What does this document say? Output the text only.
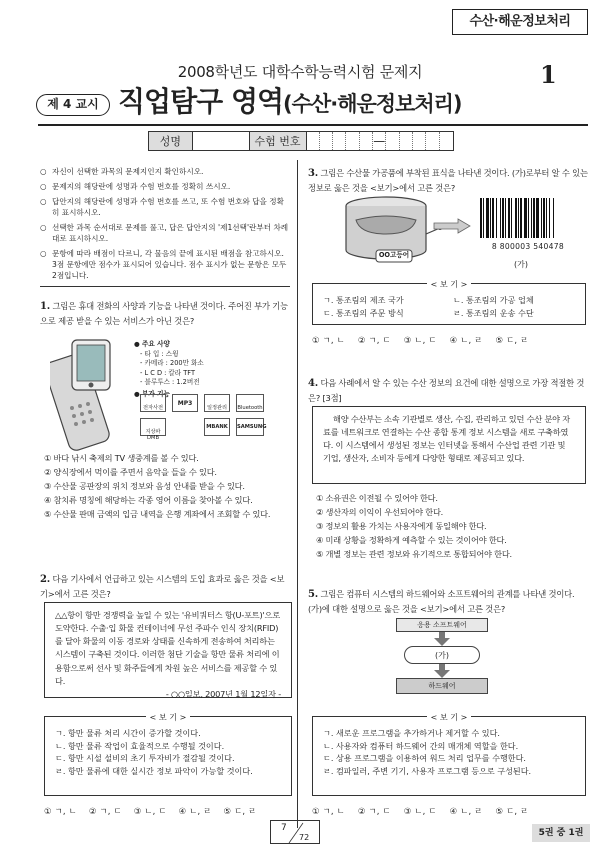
수산·해운정보처리
2008학년도 대학수학능력시험 문제지	1
제 4 교시 직업탐구 영역(수산·해운정보처리)
성명	수험 번호	—
○ 자신이 선택한 과목의 문제지인지 확인하시오.
○ 문제지의 해당란에 성명과 수험 번호를 정확히 쓰시오.
○ 답안지의 해당란에 성명과 수험 번호를 쓰고, 또 수험 번호와 답을 정확히 표시하시오.
○ 선택한 과목 순서대로 문제를 풀고, 답은 답안지의 '제1선택'란부터 차례대로 표시하시오.
○ 문항에 따라 배점이 다르니, 각 물음의 끝에 표시된 배점을 참고하시오. 3점 문항에만 점수가 표시되어 있습니다. 점수 표시가 없는 문항은 모두 2점입니다.
1. 그림은 휴대 전화의 사양과 기능을 나타낸 것이다. 주어진 부가 기능으로 제공 받을 수 있는 서비스가 아닌 것은?
● 주요 사양
- 타 입 : 스윙
- 카메라 : 200만 화소
- L C D : 칼라 TFT
- 블루투스 : 1.2버전
● 부가 기능
전자사전
MP3
일정관리	Bluetooth
지상파 DMB
MBANK	SAMSUNG
① 바다 낚시 축제의 TV 생중계를 볼 수 있다.
② 양식장에서 먹이를 주면서 음악을 들을 수 있다.
③ 수산물 공판장의 위치 정보와 음성 안내를 받을 수 있다.
④ 참치류 명칭에 해당하는 각종 영어 이름을 찾아볼 수 있다.
⑤ 수산물 판매 금액의 입금 내역을 은행 계좌에서 조회할 수 있다.
2. 다음 기사에서 언급하고 있는 시스템의 도입 효과로 옳은 것을 <보기>에서 고른 것은?
△△항이 항만 경쟁력을 높일 수 있는 '유비쿼터스 항(U-포트)'으로 도약한다. 수출·입 화물 컨테이너에 무선 주파수 인식 장치(RFID)를 달아 화물의 이동 경로와 상태를 신속하게 전송하여 처리하는 시스템이 구축된 것이다. 이러한 첨단 기술을 항만 물류 처리에 이용함으로써 선사 및 화주들에게 차원 높은 서비스를 제공할 수 있다.
- ○○일보, 2007년 1월 12일자 -
< 보 기 >
ㄱ. 항만 물류 처리 시간이 증가할 것이다.
ㄴ. 항만 물류 작업이 효율적으로 수행될 것이다.
ㄷ. 항만 시설 설비의 초기 투자비가 절감될 것이다.
ㄹ. 항만 물류에 대한 실시간 정보 파악이 가능할 것이다.
① ㄱ, ㄴ ② ㄱ, ㄷ ③ ㄴ, ㄷ ④ ㄴ, ㄹ ⑤ ㄷ, ㄹ
3. 그림은 수산물 가공품에 부착된 표식을 나타낸 것이다. (가)로부터 알 수 있는 정보로 옳은 것을 <보기>에서 고른 것은?
OO고등어
8 800003 540478
(가)
< 보 기 >
ㄱ. 통조림의 제조 국가	ㄴ. 통조림의 가공 업체
ㄷ. 통조림의 주문 방식	ㄹ. 통조림의 운송 수단
① ㄱ, ㄴ ② ㄱ, ㄷ ③ ㄴ, ㄷ ④ ㄴ, ㄹ ⑤ ㄷ, ㄹ
4. 다음 사례에서 알 수 있는 수산 정보의 요건에 대한 설명으로 가장 적절한 것은? [3점]
해양 수산부는 소속 기관별로 생산, 수집, 관리하고 있던 수산 분야 자료를 네트워크로 연결하는 수산 종합 통계 정보 시스템을 새로 구축하였다. 이 시스템에서 생성된 정보는 인터넷을 통해서 수산업 관련 기관 및 기업, 생산자, 소비자 등에게 다양한 형태로 제공되고 있다.
① 소유권은 이전될 수 있어야 한다.
② 생산자의 이익이 우선되어야 한다.
③ 정보의 활용 가치는 사용자에게 동일해야 한다.
④ 미래 상황을 정확하게 예측할 수 있는 것이어야 한다.
⑤ 개별 정보는 관련 정보와 유기적으로 통합되어야 한다.
5. 그림은 컴퓨터 시스템의 하드웨어와 소프트웨어의 관계를 나타낸 것이다. (가)에 대한 설명으로 옳은 것을 <보기>에서 고른 것은?
응용 소프트웨어
(가)
하드웨어
< 보 기 >
ㄱ. 새로운 프로그램을 추가하거나 제거할 수 있다.
ㄴ. 사용자와 컴퓨터 하드웨어 간의 매개체 역할을 한다.
ㄷ. 상용 프로그램을 이용하여 워드 처리 업무를 수행한다.
ㄹ. 컴파일러, 주변 기기, 사용자 프로그램 등으로 구성된다.
① ㄱ, ㄴ ② ㄱ, ㄷ ③ ㄴ, ㄷ ④ ㄴ, ㄹ ⑤ ㄷ, ㄹ
7
72	5권 중 1권
